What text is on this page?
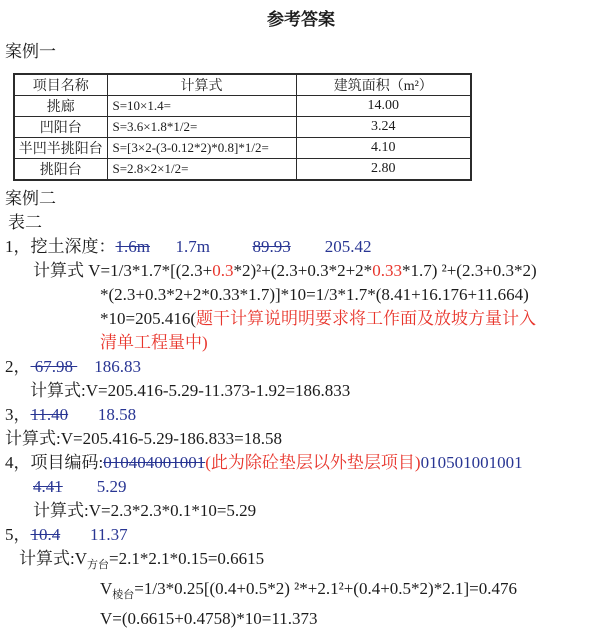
参考答案
案例一
项目名称	计算式	建筑面积（m²）
挑廊	S=10×1.4=	14.00
凹阳台	S=3.6×1.8*1/2=	3.24
半凹半挑阳台	S=[3×2-(3-0.12*2)*0.8]*1/2=	4.10
挑阳台	S=2.8×2×1/2=	2.80
案例二
表二
1，挖土深度：1.6m 1.7m	89.93 205.42
计算式 V=1/3*1.7*[(2.3+0.3*2)²+(2.3+0.3*2+2*0.33*1.7) ²+(2.3+0.3*2)
*(2.3+0.3*2+2*0.33*1.7)]*10=1/3*1.7*(8.41+16.176+11.664)
*10=205.416(题干计算说明明要求将工作面及放坡方量计入
清单工程量中)
2， 67.98     186.83
计算式:V=205.416-5.29-11.373-1.92=186.833
3，11.40 18.58
计算式:V=205.416-5.29-186.833=18.58
4，项目编码:010404001001(此为除砼垫层以外垫层项目)010501001001
4.41 5.29
计算式:V=2.3*2.3*0.1*10=5.29
5，10.4 11.37
计算式$:V_{方台}=2.1*2.1*0.15=0.6615$
$V_{棱台}=1/3*0.25[(0.4+0.5*2)$ ²*+2.1²+(0.4+0.5*2)*2.1]=0.476
V=(0.6615+0.4758)*10=11.373
